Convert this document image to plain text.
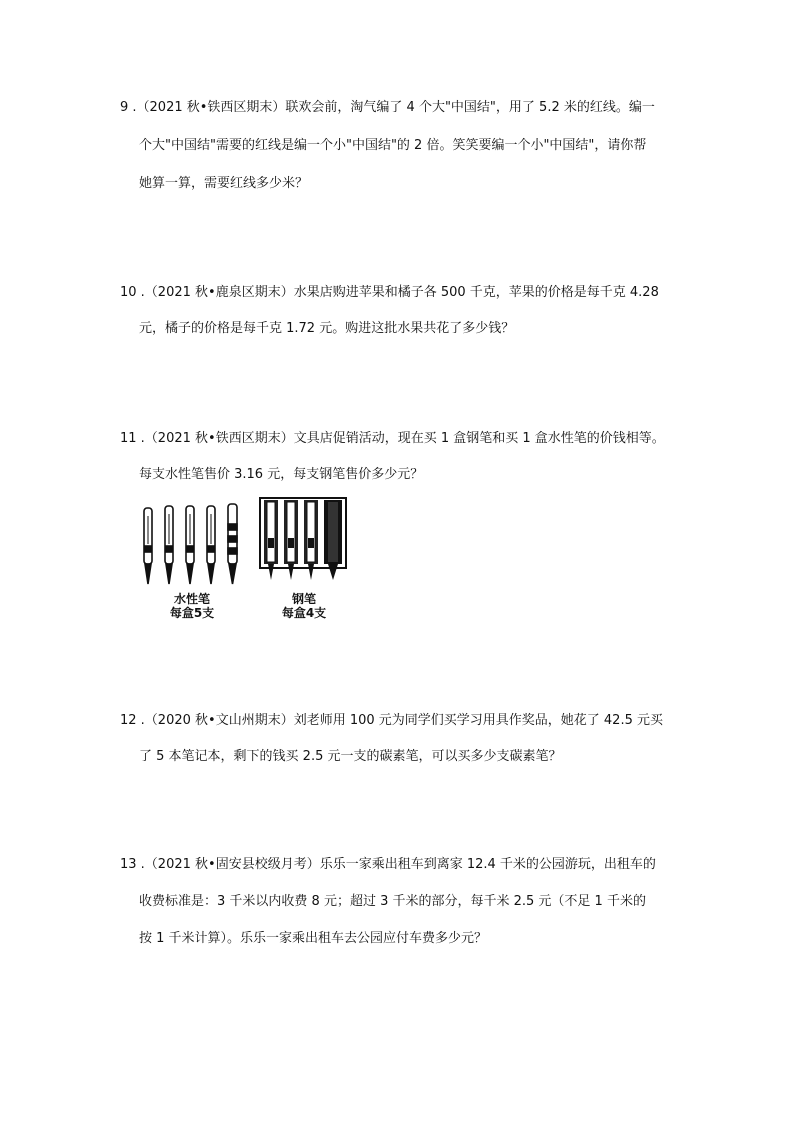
9 .（2021 秋•铁西区期末）联欢会前，淘气编了 4 个大"中国结"，用了 5.2 米的红线。编一
个大"中国结"需要的红线是编一个小"中国结"的 2 倍。笑笑要编一个小"中国结"，请你帮
她算一算，需要红线多少米？
10 .（2021 秋•鹿泉区期末）水果店购进苹果和橘子各 500 千克，苹果的价格是每千克 4.28
元，橘子的价格是每千克 1.72 元。购进这批水果共花了多少钱？
11 .（2021 秋•铁西区期末）文具店促销活动，现在买 1 盒钢笔和买 1 盒水性笔的价钱相等。
每支水性笔售价 3.16 元，每支钢笔售价多少元？
水性笔
每盒5支
钢笔
每盒4支
12 .（2020 秋•文山州期末）刘老师用 100 元为同学们买学习用具作奖品，她花了 42.5 元买
了 5 本笔记本，剩下的钱买 2.5 元一支的碳素笔，可以买多少支碳素笔？
13 .（2021 秋•固安县校级月考）乐乐一家乘出租车到离家 12.4 千米的公园游玩，出租车的
收费标准是：3 千米以内收费 8 元；超过 3 千米的部分，每千米 2.5 元（不足 1 千米的
按 1 千米计算）。乐乐一家乘出租车去公园应付车费多少元？
